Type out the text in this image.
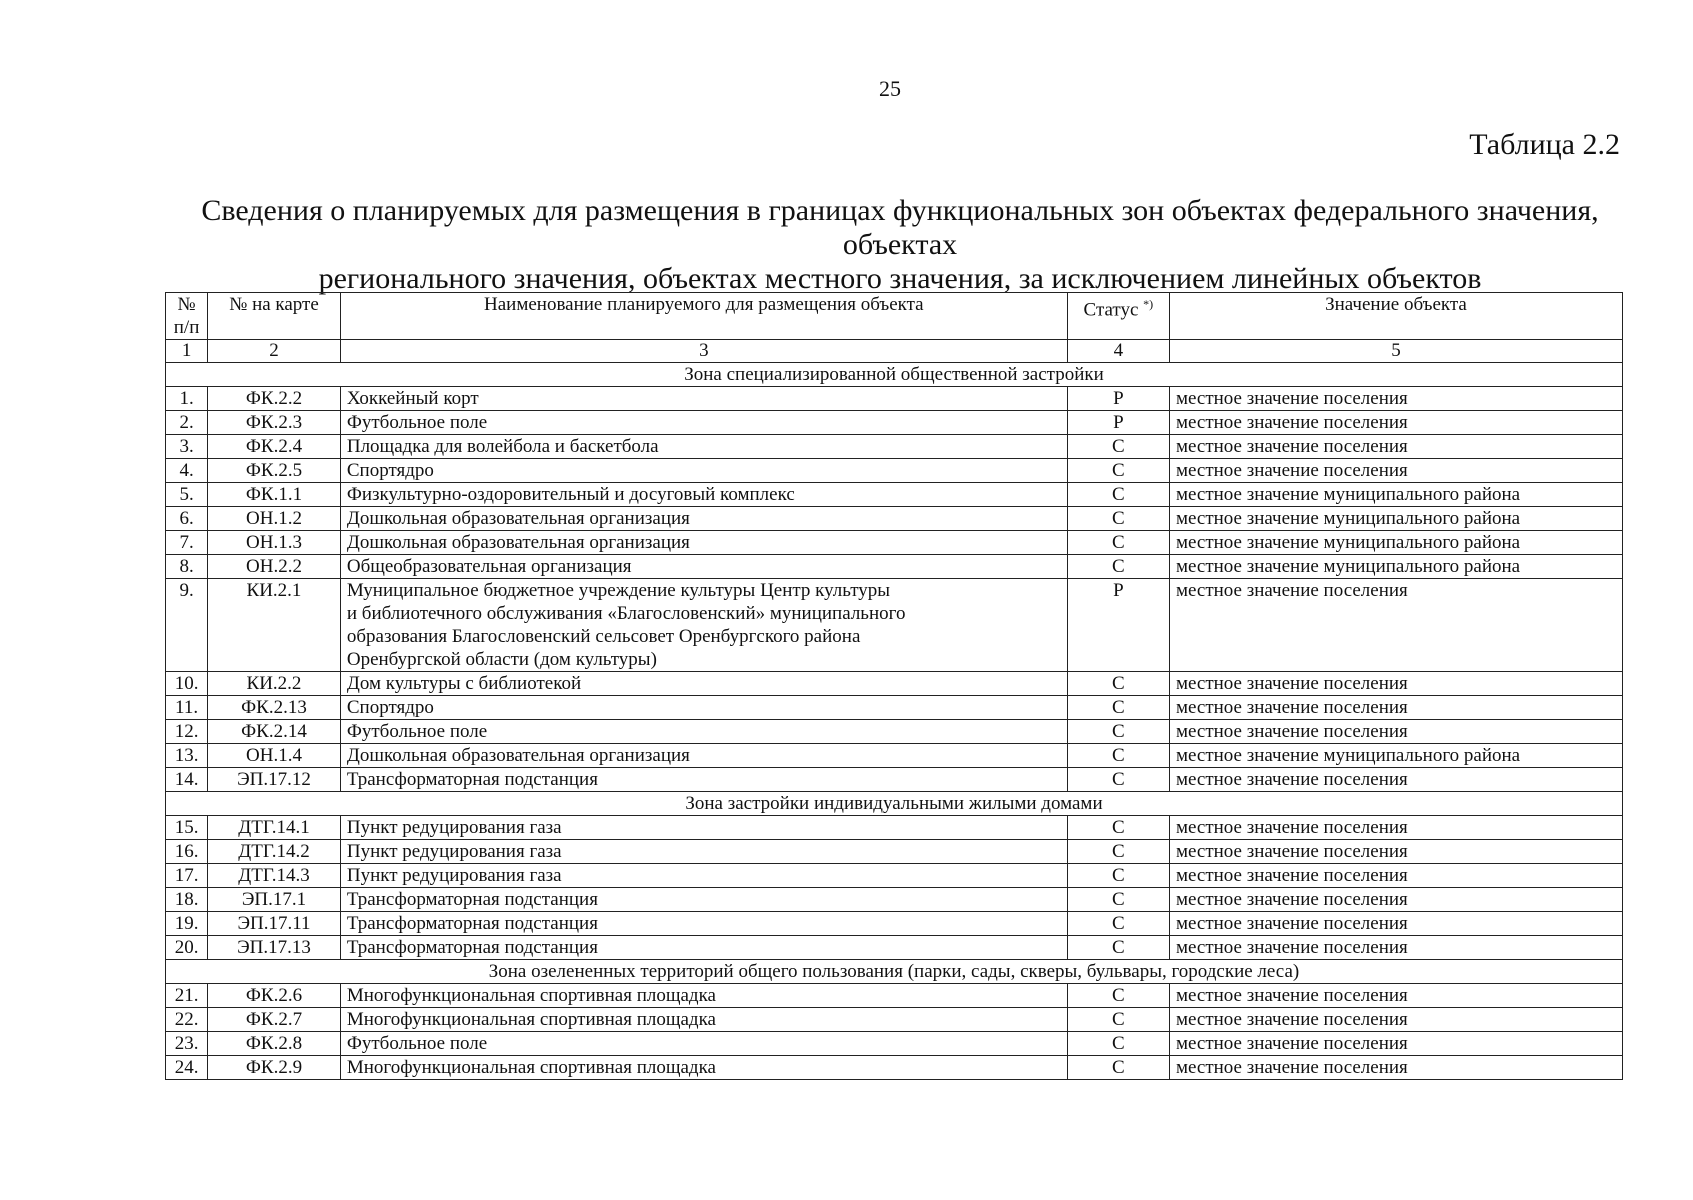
25
Таблица 2.2
Сведения о планируемых для размещения в границах функциональных зон объектах федерального значения, объектах
регионального значения, объектах местного значения, за исключением линейных объектов
№
п/п	№ на карте	Наименование планируемого для размещения объекта	Статус *)	Значение объекта
1	2	3	4	5
Зона специализированной общественной застройки				
1.	ФК.2.2	Хоккейный корт	Р	местное значение поселения
2.	ФК.2.3	Футбольное поле	Р	местное значение поселения
3.	ФК.2.4	Площадка для волейбола и баскетбола	С	местное значение поселения
4.	ФК.2.5	Спортядро	С	местное значение поселения
5.	ФК.1.1	Физкультурно-оздоровительный и досуговый комплекс	С	местное значение муниципального района
6.	ОН.1.2	Дошкольная образовательная организация	С	местное значение муниципального района
7.	ОН.1.3	Дошкольная образовательная организация	С	местное значение муниципального района
8.	ОН.2.2	Общеобразовательная организация	С	местное значение муниципального района
9.	КИ.2.1	Муниципальное бюджетное учреждение культуры Центр культуры
и библиотечного обслуживания «Благословенский» муниципального
образования Благословенский сельсовет Оренбургского района
Оренбургской области (дом культуры)	Р	местное значение поселения
10.	КИ.2.2	Дом культуры с библиотекой	С	местное значение поселения
11.	ФК.2.13	Спортядро	С	местное значение поселения
12.	ФК.2.14	Футбольное поле	С	местное значение поселения
13.	ОН.1.4	Дошкольная образовательная организация	С	местное значение муниципального района
14.	ЭП.17.12	Трансформаторная подстанция	С	местное значение поселения
Зона застройки индивидуальными жилыми домами				
15.	ДТГ.14.1	Пункт редуцирования газа	С	местное значение поселения
16.	ДТГ.14.2	Пункт редуцирования газа	С	местное значение поселения
17.	ДТГ.14.3	Пункт редуцирования газа	С	местное значение поселения
18.	ЭП.17.1	Трансформаторная подстанция	С	местное значение поселения
19.	ЭП.17.11	Трансформаторная подстанция	С	местное значение поселения
20.	ЭП.17.13	Трансформаторная подстанция	С	местное значение поселения
Зона озелененных территорий общего пользования (парки, сады, скверы, бульвары, городские леса)				
21.	ФК.2.6	Многофункциональная спортивная площадка	С	местное значение поселения
22.	ФК.2.7	Многофункциональная спортивная площадка	С	местное значение поселения
23.	ФК.2.8	Футбольное поле	С	местное значение поселения
24.	ФК.2.9	Многофункциональная спортивная площадка	С	местное значение поселения
